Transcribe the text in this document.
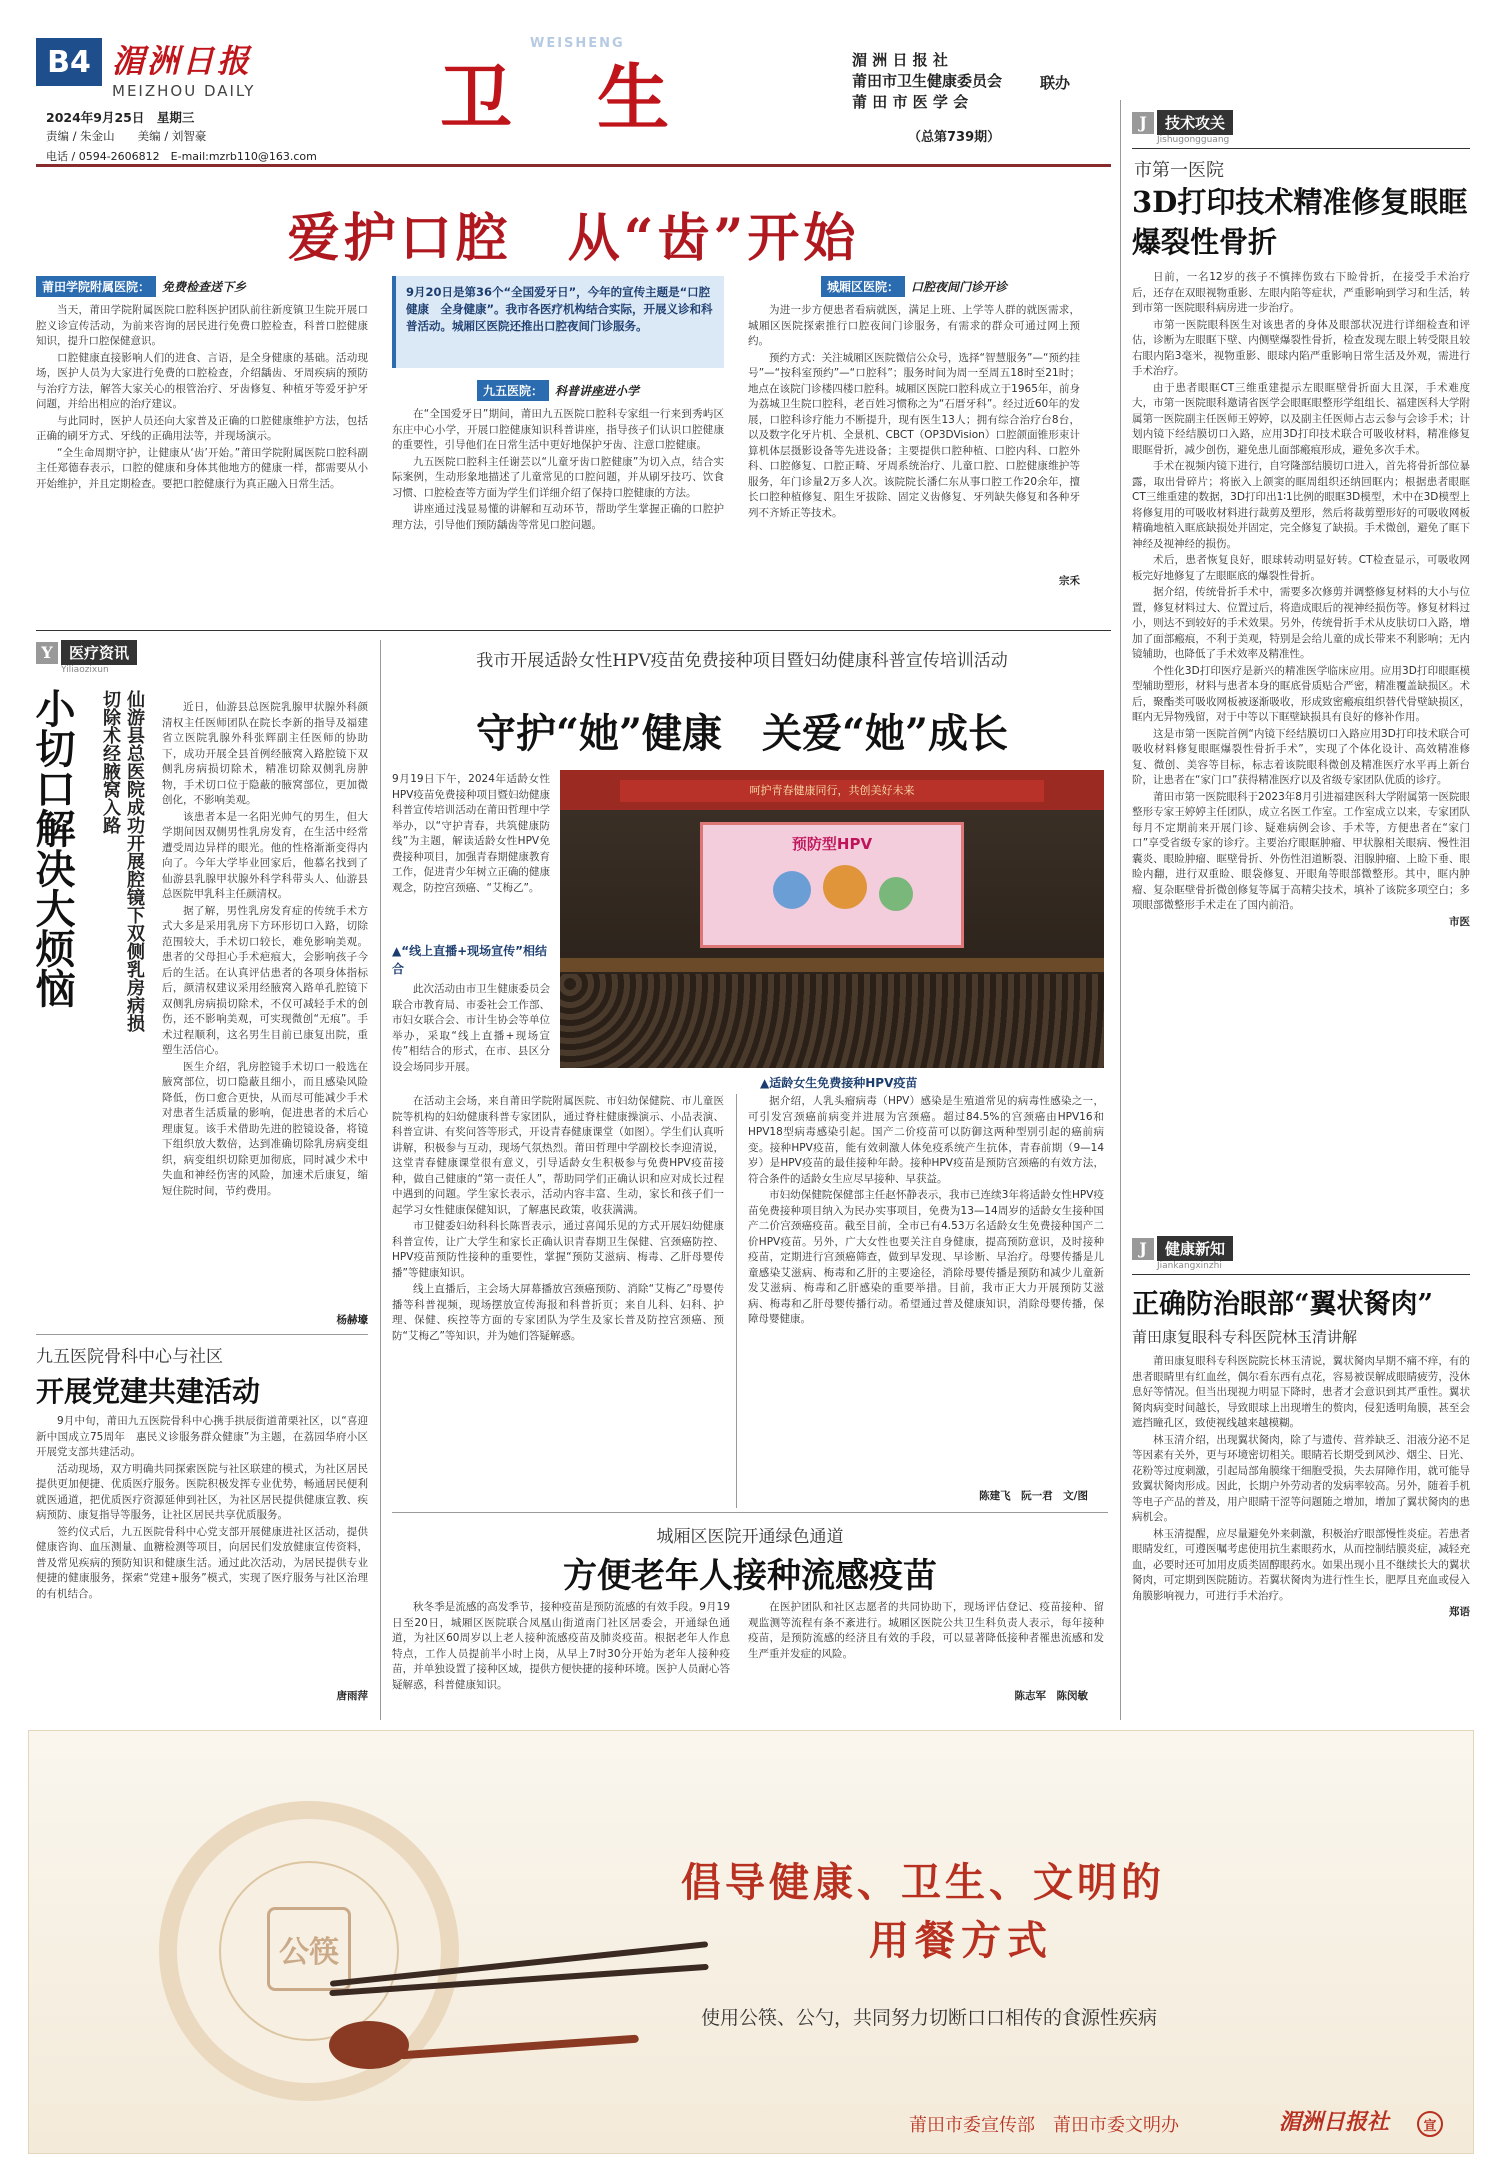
B4 湄洲日报
MEIZHOU DAILY
2024年9月25日　星期三
责编 / 朱金山　　美编 / 刘智豪
电话 / 0594-2606812　E-mail:mzrb110@163.com
WEISHENG
卫 生	湄 洲 日 报 社
莆田市卫生健康委员会
莆 田 市 医 学 会
联办
（总第739期）
爱护口腔　从“齿”开始
莆田学院附属医院： 免费检查送下乡

当天，莆田学院附属医院口腔科医护团队前往新度镇卫生院开展口腔义诊宣传活动，为前来咨询的居民进行免费口腔检查，科普口腔健康知识，提升口腔保健意识。

口腔健康直接影响人们的进食、言语，是全身健康的基础。活动现场，医护人员为大家进行免费的口腔检查，介绍龋齿、牙周疾病的预防与治疗方法，解答大家关心的根管治疗、牙齿修复、种植牙等爱牙护牙问题，并给出相应的治疗建议。

与此同时，医护人员还向大家普及正确的口腔健康维护方法，包括正确的刷牙方式、牙线的正确用法等，并现场演示。

“全生命周期守护，让健康从‘齿’开始。”莆田学院附属医院口腔科副主任郑德春表示，口腔的健康和身体其他地方的健康一样，都需要从小开始维护，并且定期检查。要把口腔健康行为真正融入日常生活。

9月20日是第36个“全国爱牙日”，今年的宣传主题是“口腔健康　全身健康”。我市各医疗机构结合实际，开展义诊和科普活动。城厢区医院还推出口腔夜间门诊服务。
九五医院： 科普讲座进小学

在“全国爱牙日”期间，莆田九五医院口腔科专家组一行来到秀屿区东庄中心小学，开展口腔健康知识科普讲座，指导孩子们认识口腔健康的重要性，引导他们在日常生活中更好地保护牙齿、注意口腔健康。

九五医院口腔科主任谢芸以“儿童牙齿口腔健康”为切入点，结合实际案例，生动形象地描述了儿童常见的口腔问题，并从刷牙技巧、饮食习惯、口腔检查等方面为学生们详细介绍了保持口腔健康的方法。

讲座通过浅显易懂的讲解和互动环节，帮助学生掌握正确的口腔护理方法，引导他们预防龋齿等常见口腔问题。

城厢区医院： 口腔夜间门诊开诊

为进一步方便患者看病就医，满足上班、上学等人群的就医需求，城厢区医院探索推行口腔夜间门诊服务，有需求的群众可通过网上预约。

预约方式：关注城厢区医院微信公众号，选择“智慧服务”—“预约挂号”—“按科室预约”—“口腔科”；服务时间为周一至周五18时至21时；地点在该院门诊楼四楼口腔科。城厢区医院口腔科成立于1965年，前身为荔城卫生院口腔科，老百姓习惯称之为“石厝牙科”。经过近60年的发展，口腔科诊疗能力不断提升，现有医生13人；拥有综合治疗台8台，以及数字化牙片机、全景机、CBCT（OP3DVision）口腔颌面锥形束计算机体层摄影设备等先进设备；主要提供口腔种植、口腔内科、口腔外科、口腔修复、口腔正畸、牙周系统治疗、儿童口腔、口腔健康维护等服务，年门诊量2万多人次。该院院长潘仁东从事口腔工作20余年，擅长口腔种植修复、阻生牙拔除、固定义齿修复、牙列缺失修复和各种牙列不齐矫正等技术。

宗禾
J	技术攻关
Jishugongguang
市第一医院
3D打印技术精准修复眼眶爆裂性骨折

日前，一名12岁的孩子不慎摔伤致右下睑骨折，在接受手术治疗后，还存在双眼视物重影、左眼内陷等症状，严重影响到学习和生活，转到市第一医院眼科病房进一步治疗。

市第一医院眼科医生对该患者的身体及眼部状况进行详细检查和评估，诊断为左眼眶下壁、内侧壁爆裂性骨折，检查发现左眼上转受限且较右眼内陷3毫米，视物重影、眼球内陷严重影响日常生活及外观，需进行手术治疗。

由于患者眼眶CT三维重建提示左眼眶壁骨折面大且深，手术难度大，市第一医院眼科邀请省医学会眼眶眼整形学组组长、福建医科大学附属第一医院副主任医师王婷婷，以及副主任医师占志云参与会诊手术；计划内镜下经结膜切口入路，应用3D打印技术联合可吸收材料，精准修复眼眶骨折，减少创伤，避免患儿面部瘢痕形成，避免多次手术。

手术在视频内镜下进行，自穹隆部结膜切口进入，首先将骨折部位暴露，取出骨碎片；将嵌入上颌窦的眶周组织还纳回眶内；根据患者眼眶CT三维重建的数据，3D打印出1∶1比例的眼眶3D模型，术中在3D模型上将修复用的可吸收材料进行裁剪及塑形，然后将裁剪塑形好的可吸收网板精确地植入眶底缺损处并固定，完全修复了缺损。手术微创，避免了眶下神经及视神经的损伤。

术后，患者恢复良好，眼球转动明显好转。CT检查显示，可吸收网板完好地修复了左眼眶底的爆裂性骨折。

据介绍，传统骨折手术中，需要多次修剪并调整修复材料的大小与位置，修复材料过大、位置过后，将造成眼后的视神经损伤等。修复材料过小，则达不到较好的手术效果。另外，传统骨折手术从皮肤切口入路，增加了面部瘢痕，不利于美观，特别是会给儿童的成长带来不利影响；无内镜辅助，也降低了手术效率及精准性。

个性化3D打印医疗是新兴的精准医学临床应用。应用3D打印眼眶模型辅助塑形，材料与患者本身的眶底骨质贴合严密，精准覆盖缺损区。术后，聚酯类可吸收网板被逐渐吸收，形成致密瘢痕组织替代骨壁缺损区，眶内无异物残留，对于中等以下眶壁缺损具有良好的修补作用。

这是市第一医院首例“内镜下经结膜切口入路应用3D打印技术联合可吸收材料修复眼眶爆裂性骨折手术”，实现了个体化设计、高效精准修复、微创、美容等目标，标志着该院眼科微创及精准医疗水平再上新台阶，让患者在“家门口”获得精准医疗以及省级专家团队优质的诊疗。

莆田市第一医院眼科于2023年8月引进福建医科大学附属第一医院眼整形专家王婷婷主任团队，成立名医工作室。工作室成立以来，专家团队每月不定期前来开展门诊、疑难病例会诊、手术等，方便患者在“家门口”享受省级专家的诊疗。主要治疗眼眶肿瘤、甲状腺相关眼病、慢性泪囊炎、眼睑肿瘤、眶壁骨折、外伤性泪道断裂、泪腺肿瘤、上睑下垂、眼睑内翻，进行双重睑、眼袋修复、开眼角等眼部微整形。其中，眶内肿瘤、复杂眶壁骨折微创修复等属于高精尖技术，填补了该院多项空白；多项眼部微整形手术走在了国内前沿。

市医
J	健康新知
Jiankangxinzhi
正确防治眼部“翼状胬肉”
莆田康复眼科专科医院林玉清讲解

莆田康复眼科专科医院院长林玉清说，翼状胬肉早期不痛不痒，有的患者眼睛里有红血丝，偶尔看东西有点花，容易被误解成眼睛疲劳，没休息好等情况。但当出现视力明显下降时，患者才会意识到其严重性。翼状胬肉病变时间越长，导致眼球上出现增生的赘肉，侵犯透明角膜，甚至会遮挡瞳孔区，致使视线越来越模糊。

林玉清介绍，出现翼状胬肉，除了与遗传、营养缺乏、泪液分泌不足等因素有关外，更与环境密切相关。眼睛若长期受到风沙、烟尘、日光、花粉等过度刺激，引起局部角膜缘干细胞受损，失去屏障作用，就可能导致翼状胬肉形成。因此，长期户外劳动者的发病率较高。另外，随着手机等电子产品的普及，用户眼睛干涩等问题随之增加，增加了翼状胬肉的患病机会。

林玉清提醒，应尽量避免外来刺激，积极治疗眼部慢性炎症。若患者眼睛发红，可遵医嘱考虑使用抗生素眼药水，从而控制结膜炎症，减轻充血，必要时还可加用皮质类固醇眼药水。如果出现小且不继续长大的翼状胬肉，可定期到医院随访。若翼状胬肉为进行性生长，肥厚且充血或侵入角膜影响视力，可进行手术治疗。

郑语
Y	医疗资讯
Yiliaozixun
小切口解决大烦恼	仙游县总医院成功开展腔镜下双侧乳房病损切除术经腋窝入路	近日，仙游县总医院乳腺甲状腺外科颜清权主任医师团队在院长李新的指导及福建省立医院乳腺外科张辉副主任医师的协助下，成功开展全县首例经腋窝入路腔镜下双侧乳房病损切除术，精准切除双侧乳房肿物，手术切口位于隐蔽的腋窝部位，更加微创化，不影响美观。

该患者本是一名阳光帅气的男生，但大学期间因双侧男性乳房发育，在生活中经常遭受周边异样的眼光。他的性格渐渐变得内向了。今年大学毕业回家后，他慕名找到了仙游县乳腺甲状腺外科学科带头人、仙游县总医院甲乳科主任颜清权。

据了解，男性乳房发育症的传统手术方式大多是采用乳房下方环形切口入路，切除范围较大，手术切口较长，难免影响美观。患者的父母担心手术疤痕大，会影响孩子今后的生活。在认真评估患者的各项身体指标后，颜清权建议采用经腋窝入路单孔腔镜下双侧乳房病损切除术，不仅可减轻手术的创伤，还不影响美观，可实现微创“无痕”。手术过程顺利，这名男生目前已康复出院，重塑生活信心。

医生介绍，乳房腔镜手术切口一般选在腋窝部位，切口隐蔽且细小，而且感染风险降低，伤口愈合更快，从而尽可能减少手术对患者生活质量的影响，促进患者的术后心理康复。该手术借助先进的腔镜设备，将镜下组织放大数倍，达到准确切除乳房病变组织，病变组织切除更加彻底，同时减少术中失血和神经伤害的风险，加速术后康复，缩短住院时间，节约费用。

杨赫壕
九五医院骨科中心与社区
开展党建共建活动

9月中旬，莆田九五医院骨科中心携手拱辰街道莆栗社区，以“喜迎新中国成立75周年　惠民义诊服务群众健康”为主题，在荔园华府小区开展党支部共建活动。

活动现场，双方明确共同探索医院与社区联建的模式，为社区居民提供更加便捷、优质医疗服务。医院积极发挥专业优势，畅通居民便利就医通道，把优质医疗资源延伸到社区，为社区居民提供健康宣教、疾病预防、康复指导等服务，让社区居民共享优质服务。

签约仪式后，九五医院骨科中心党支部开展健康进社区活动，提供健康咨询、血压测量、血糖检测等项目，向居民们发放健康宣传资料，普及常见疾病的预防知识和健康生活。通过此次活动，为居民提供专业便捷的健康服务，探索“党建+服务”模式，实现了医疗服务与社区治理的有机结合。

唐雨萍
我市开展适龄女性HPV疫苗免费接种项目暨妇幼健康科普宣传培训活动
守护“她”健康　关爱“她”成长
呵护青春健康同行，共创美好未来
预防型HPV
▲适龄女生免费接种HPV疫苗
9月19日下午，2024年适龄女性HPV疫苗免费接种项目暨妇幼健康科普宣传培训活动在莆田哲理中学举办，以“守护青春，共筑健康防线”为主题，解读适龄女性HPV免费接种项目，加强青春期健康教育工作，促进青少年树立正确的健康观念，防控宫颈癌、“艾梅乙”。
▲“线上直播+现场宣传”相结合

此次活动由市卫生健康委员会联合市教育局、市委社会工作部、市妇女联合会、市计生协会等单位举办，采取“线上直播+现场宣传”相结合的形式，在市、县区分设会场同步开展。

在活动主会场，来自莆田学院附属医院、市妇幼保健院、市儿童医院等机构的妇幼健康科普专家团队，通过脊柱健康操演示、小品表演、科普宣讲、有奖问答等形式，开设青春健康课堂（如图）。学生们认真听讲解，积极参与互动，现场气氛热烈。莆田哲理中学副校长李迎清说，这堂青春健康课堂很有意义，引导适龄女生积极参与免费HPV疫苗接种，做自己健康的“第一责任人”，帮助同学们正确认识和应对成长过程中遇到的问题。学生家长表示，活动内容丰富、生动，家长和孩子们一起学习女性健康保健知识，了解惠民政策，收获满满。

市卫健委妇幼科科长陈晋表示，通过喜闻乐见的方式开展妇幼健康科普宣传，让广大学生和家长正确认识青春期卫生保健、宫颈癌防控、HPV疫苗预防性接种的重要性，掌握“预防艾滋病、梅毒、乙肝母婴传播”等健康知识。

线上直播后，主会场大屏幕播放宫颈癌预防、消除“艾梅乙”母婴传播等科普视频，现场摆放宣传海报和科普折页；来自儿科、妇科、护理、保健、疾控等方面的专家团队为学生及家长普及防控宫颈癌、预防“艾梅乙”等知识，并为她们答疑解惑。

据介绍，人乳头瘤病毒（HPV）感染是生殖道常见的病毒性感染之一，可引发宫颈癌前病变并进展为宫颈癌。超过84.5%的宫颈癌由HPV16和HPV18型病毒感染引起。国产二价疫苗可以防御这两种型别引起的癌前病变。接种HPV疫苗，能有效刺激人体免疫系统产生抗体，青春前期（9—14岁）是HPV疫苗的最佳接种年龄。接种HPV疫苗是预防宫颈癌的有效方法，符合条件的适龄女生应尽早接种、早获益。

市妇幼保健院保健部主任赵怀静表示，我市已连续3年将适龄女性HPV疫苗免费接种项目纳入为民办实事项目，免费为13—14周岁的适龄女生接种国产二价宫颈癌疫苗。截至目前，全市已有4.53万名适龄女生免费接种国产二价HPV疫苗。另外，广大女性也要关注自身健康，提高预防意识，及时接种疫苗，定期进行宫颈癌筛查，做到早发现、早诊断、早治疗。母婴传播是儿童感染艾滋病、梅毒和乙肝的主要途径，消除母婴传播是预防和减少儿童新发艾滋病、梅毒和乙肝感染的重要举措。目前，我市正大力开展预防艾滋病、梅毒和乙肝母婴传播行动。希望通过普及健康知识，消除母婴传播，保障母婴健康。

陈建飞　阮一君　文/图
城厢区医院开通绿色通道
方便老年人接种流感疫苗
秋冬季是流感的高发季节，接种疫苗是预防流感的有效手段。9月19日至20日，城厢区医院联合凤凰山街道南门社区居委会，开通绿色通道，为社区60周岁以上老人接种流感疫苗及肺炎疫苗。根据老年人作息特点，工作人员提前半小时上岗，从早上7时30分开始为老年人接种疫苗，并单独设置了接种区域，提供方便快捷的接种环境。医护人员耐心答疑解惑，科普健康知识。
在医护团队和社区志愿者的共同协助下，现场评估登记、疫苗接种、留观监测等流程有条不紊进行。城厢区医院公共卫生科负责人表示，每年接种疫苗，是预防流感的经济且有效的手段，可以显著降低接种者罹患流感和发生严重并发症的风险。
陈志军　陈闵敏
公筷
倡导健康、卫生、文明的
用餐方式
使用公筷、公勺，共同努力切断口口相传的食源性疾病
莆田市委宣传部　莆田市委文明办	湄洲日报社	宣
